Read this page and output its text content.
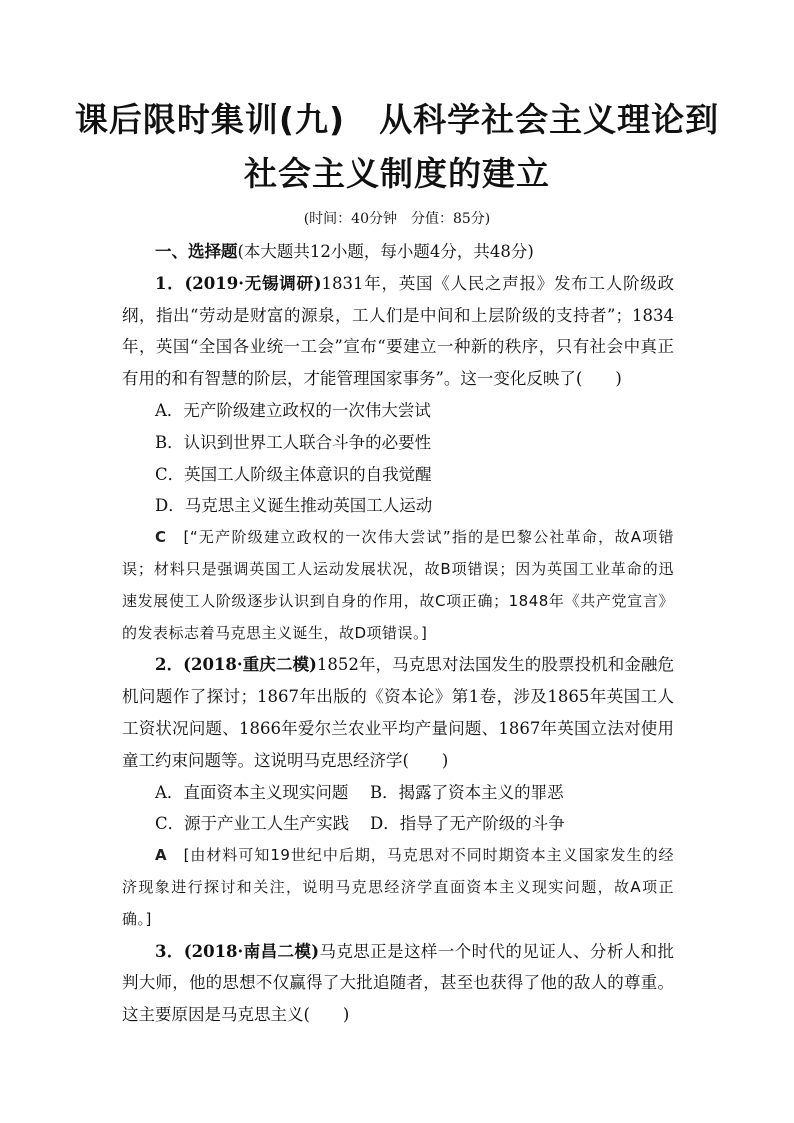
课后限时集训(九)　从科学社会主义理论到
社会主义制度的建立
(时间：40分钟　分值：85分)

一、选择题(本大题共12小题，每小题4分，共48分)

1．(2019·无锡调研)1831年，英国《人民之声报》发布工人阶级政纲，指出“劳动是财富的源泉，工人们是中间和上层阶级的支持者”；1834年，英国“全国各业统一工会”宣布“要建立一种新的秩序，只有社会中真正有用的和有智慧的阶层，才能管理国家事务”。这一变化反映了(　　)

A．无产阶级建立政权的一次伟大尝试
B．认识到世界工人联合斗争的必要性
C．英国工人阶级主体意识的自我觉醒
D．马克思主义诞生推动英国工人运动
C　[“无产阶级建立政权的一次伟大尝试”指的是巴黎公社革命，故A项错误；材料只是强调英国工人运动发展状况，故B项错误；因为英国工业革命的迅速发展使工人阶级逐步认识到自身的作用，故C项正确；1848年《共产党宣言》的发表标志着马克思主义诞生，故D项错误。]

2．(2018·重庆二模)1852年，马克思对法国发生的股票投机和金融危机问题作了探讨；1867年出版的《资本论》第1卷，涉及1865年英国工人工资状况问题、1866年爱尔兰农业平均产量问题、1867年英国立法对使用童工约束问题等。这说明马克思经济学(　　)

A．直面资本主义现实问题	B．揭露了资本主义的罪恶
C．源于产业工人生产实践	D．指导了无产阶级的斗争
A　[由材料可知19世纪中后期，马克思对不同时期资本主义国家发生的经济现象进行探讨和关注，说明马克思经济学直面资本主义现实问题，故A项正确。]

3．(2018·南昌二模)马克思正是这样一个时代的见证人、分析人和批判大师，他的思想不仅赢得了大批追随者，甚至也获得了他的敌人的尊重。这主要原因是马克思主义(　　)
